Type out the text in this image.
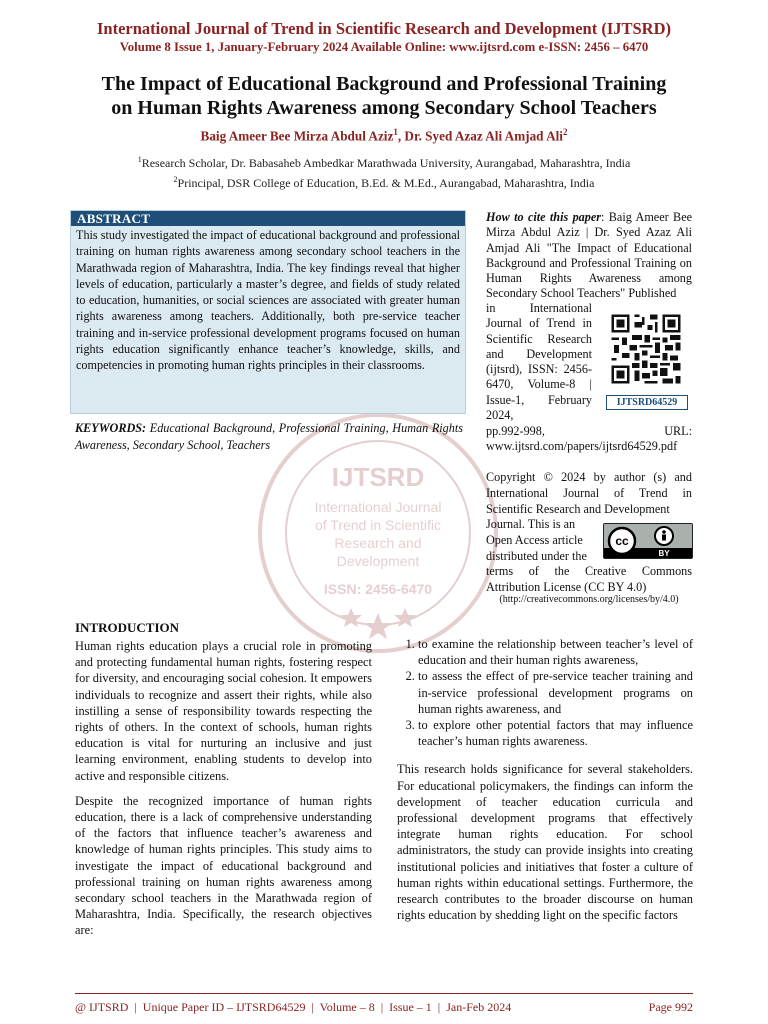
International Journal of Trend in Scientific Research and Development (IJTSRD)
Volume 8 Issue 1, January-February 2024 Available Online: www.ijtsrd.com e-ISSN: 2456 – 6470
The Impact of Educational Background and Professional Training
on Human Rights Awareness among Secondary School Teachers
Baig Ameer Bee Mirza Abdul Aziz$^1$, Dr. Syed Azaz Ali Amjad Ali$^2$
$^1$Research Scholar, Dr. Babasaheb Ambedkar Marathwada University, Aurangabad, Maharashtra, India
$^2$Principal, DSR College of Education, B.Ed. & M.Ed., Aurangabad, Maharashtra, India
IJTSRD
International Journal
of Trend in Scientific
Research and
Development
ISSN: 2456-6470
ABSTRACT
This study investigated the impact of educational background and professional training on human rights awareness among secondary school teachers in the Marathwada region of Maharashtra, India. The key findings reveal that higher levels of education, particularly a master’s degree, and fields of study related to education, humanities, or social sciences are associated with greater human rights awareness among teachers. Additionally, both pre-service teacher training and in-service professional development programs focused on human rights education significantly enhance teacher’s knowledge, skills, and competencies in promoting human rights principles in their classrooms.
KEYWORDS: Educational Background, Professional Training, Human Rights Awareness, Secondary School, Teachers
How to cite this paper: Baig Ameer Bee Mirza Abdul Aziz | Dr. Syed Azaz Ali Amjad Ali "The Impact of Educational Background and Professional Training on Human Rights Awareness among Secondary School Teachers" Published
in International Journal of Trend in Scientific Research and Development (ijtsrd), ISSN: 2456-6470, Volume-8 | Issue-1, February 2024,
IJTSRD64529
pp.992-998, URL: www.ijtsrd.com/papers/ijtsrd64529.pdf
Copyright © 2024 by author (s) and International Journal of Trend in Scientific Research and Development
Journal. This is an Open Access article distributed under the
cc
BY
terms of the Creative Commons Attribution License (CC BY 4.0)
(http://creativecommons.org/licenses/by/4.0)
INTRODUCTION

Human rights education plays a crucial role in promoting and protecting fundamental human rights, fostering respect for diversity, and encouraging social cohesion. It empowers individuals to recognize and assert their rights, while also instilling a sense of responsibility towards respecting the rights of others. In the context of schools, human rights education is vital for nurturing an inclusive and just learning environment, enabling students to develop into active and responsible citizens.

Despite the recognized importance of human rights education, there is a lack of comprehensive understanding of the factors that influence teacher’s awareness and knowledge of human rights principles. This study aims to investigate the impact of educational background and professional training on human rights awareness among secondary school teachers in the Marathwada region of Maharashtra, India. Specifically, the research objectives are:

1. to examine the relationship between teacher’s level of education and their human rights awareness,
2. to assess the effect of pre-service teacher training and in-service professional development programs on human rights awareness, and
3. to explore other potential factors that may influence teacher’s human rights awareness.

This research holds significance for several stakeholders. For educational policymakers, the findings can inform the development of teacher education curricula and professional development programs that effectively integrate human rights education. For school administrators, the study can provide insights into creating institutional policies and initiatives that foster a culture of human rights within educational settings. Furthermore, the research contributes to the broader discourse on human rights education by shedding light on the specific factors

@ IJTSRD  |  Unique Paper ID – IJTSRD64529  |  Volume – 8  |  Issue – 1  |  Jan-Feb 2024	Page 992
